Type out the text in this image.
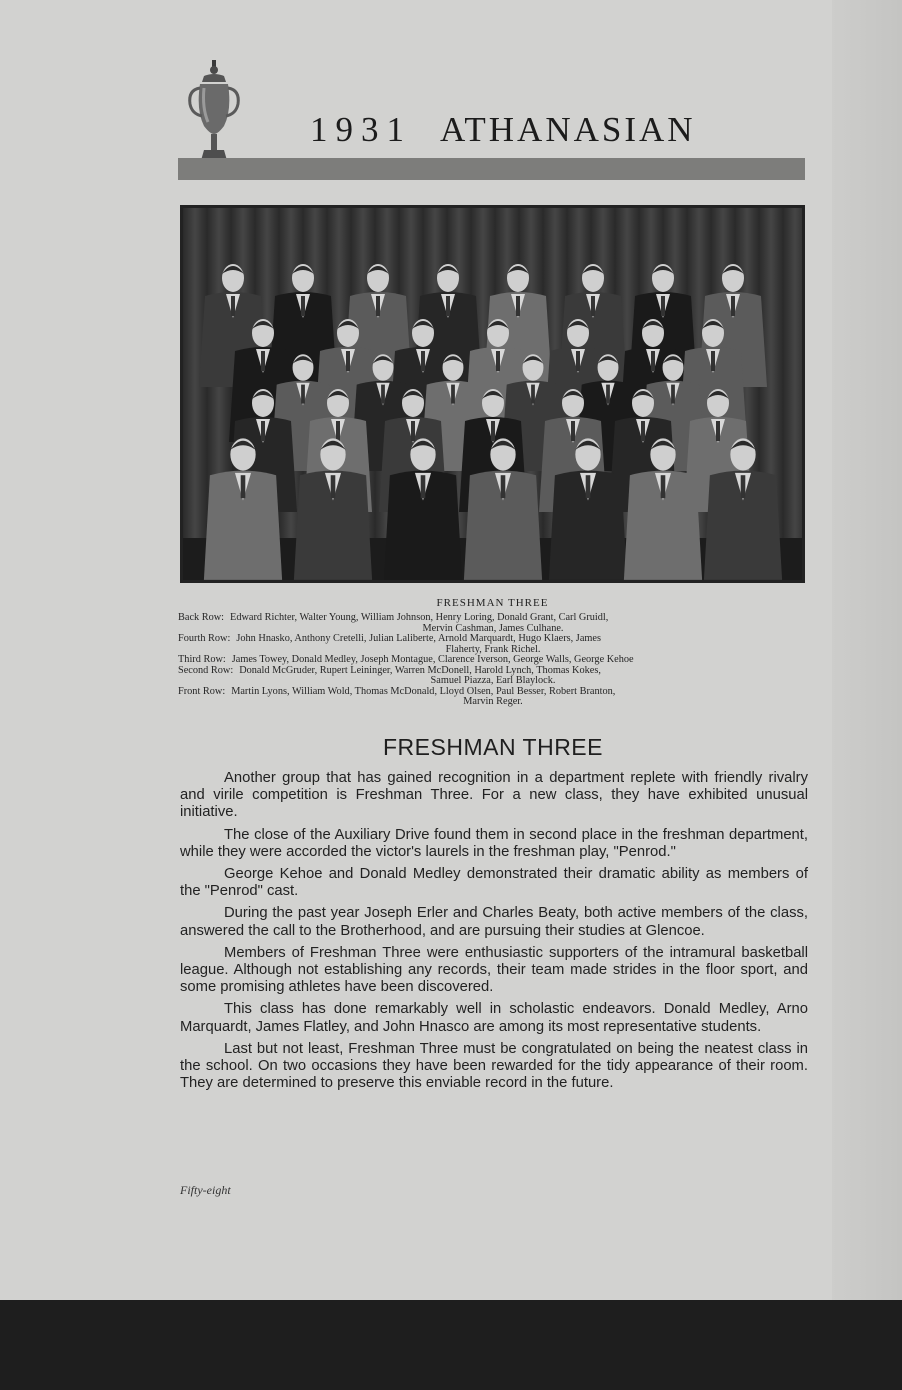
1931 ATHANASIAN
FRESHMAN THREE
Back Row: Edward Richter, Walter Young, William Johnson, Henry Loring, Donald Grant, Carl Gruidl,
Mervin Cashman, James Culhane.
Fourth Row: John Hnasko, Anthony Cretelli, Julian Laliberte, Arnold Marquardt, Hugo Klaers, James
Flaherty, Frank Richel.
Third Row: James Towey, Donald Medley, Joseph Montague, Clarence Iverson, George Walls, George Kehoe
Second Row: Donald McGruder, Rupert Leininger, Warren McDonell, Harold Lynch, Thomas Kokes,
Samuel Piazza, Earl Blaylock.
Front Row: Martin Lyons, William Wold, Thomas McDonald, Lloyd Olsen, Paul Besser, Robert Branton,
Marvin Reger.
FRESHMAN THREE

Another group that has gained recognition in a department replete with friendly rivalry and virile competition is Freshman Three. For a new class, they have exhibited unusual initiative.

The close of the Auxiliary Drive found them in second place in the freshman department, while they were accorded the victor's laurels in the freshman play, "Penrod."

George Kehoe and Donald Medley demonstrated their dramatic ability as members of the "Penrod" cast.

During the past year Joseph Erler and Charles Beaty, both active members of the class, answered the call to the Brotherhood, and are pursuing their studies at Glencoe.

Members of Freshman Three were enthusiastic supporters of the intramural basketball league. Although not establishing any records, their team made strides in the floor sport, and some promising athletes have been discovered.

This class has done remarkably well in scholastic endeavors. Donald Medley, Arno Marquardt, James Flatley, and John Hnasco are among its most representative students.

Last but not least, Freshman Three must be congratulated on being the neatest class in the school. On two occasions they have been rewarded for the tidy appearance of their room. They are determined to preserve this enviable record in the future.

Fifty-eight
